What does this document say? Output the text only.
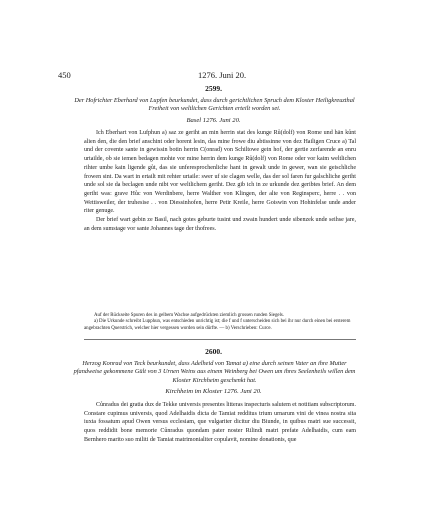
450	1276. Juni 20.
2599.
Der Hofrichter Eberhard von Lupfen beurkundet, dass durch gerichtlichen Spruch dem Kloster Heiligkreuzthal Freiheit von weltlichen Gerichten erteilt worden sei.
Basel 1276. Juni 20.

Ich Eberhart von Lufphun a) saz ze geriht an min herrin stat des kunge Rů(dolf) von Rome und hān kůnt alien den, die den brief anschint oder horent lesin, das mine frowe diu abtissinne von dez Hailigen Cruce a) Tal und der covente sante in gewissin botin herrin C(onrad) von Schiltowe gein hof, der gertie zerfarende an enru urtailde, ob sie iemen bedagen mohte vor mine herrin dem kunge Rů(dolf) von Rome oder vor kaim weltlichen rihter umbe kain ligende gůt, das sie unferesprochenliche hant in gewalt unde in gewer, wan sie geischliche frowen sint. Da wart in ertailt mit rehter urtaile: swer uf sie clagen welle, das der sol faren fur galschliche geriht unde sol sie da beclagen unde nibt vor weltlichem geriht. Dez gib ich in ze urkunde dez geribtes brief. An dem geriht was: grave Hůc von Werdinbere, herre Walther von Klingen, der alte von Reginsperc, herre . . von Wettisweiler, der truhesise . . von Diessinhofen, herre Petir Kreile, herre Goiswin von Hohinfelse unde ander riter genuge.

Der brief wart gebin ze Basil, nach gotes geburte tusint und zwain hundert unde sibenzek unde seihse jare, an dem sumstage vor sante Johannes tage der thofrees.

Auf der Rückseite Spuren des in gelbem Wachse aufgedrückten ziemlich grossen runden Siegels.

a) Die Urkunde schreibt Lupphun, was entschieden unrichtig ist; die f und f unterscheiden sich bei ihr nur durch einen bei ersterem angebrachten Querstrich, welcher hier vergessen worden sein dürfte. — b) Verschrieben: Curce.

2600.
Herzog Konrad von Teck beurkundet, dass Adelheid von Tamat a) eine durch seinen Vater an ihre Mutter pfandweise gekommene Gült von 3 Urnen Weins aus einem Weinberg bei Owen um ihres Seelenheils willen dem Kloster Kirchheim geschenkt hat.
Kirchheim im Kloster 1276. Juni 20.

Cůnradus dei gratia dux de Tekke universis presentes litteras inspecturis salutem et notitiam subscriptorum. Constare cupimus universis, quod Adelhaidis dicta de Tamiat redditus trium urnarum vini de vinea nostra sita iuxta fossatum apud Owen versus ecclesiam, que vulgariter dicitur diu Biunde, in quibus matri sue successit, quos reddidit bone memorie Cůnradus quondam pater noster Rilindi matri prefate Adelhaidis, cum eam Bernhero marito suo militi de Tamiat matrimonialiter copulavit, nomine donationis, que
